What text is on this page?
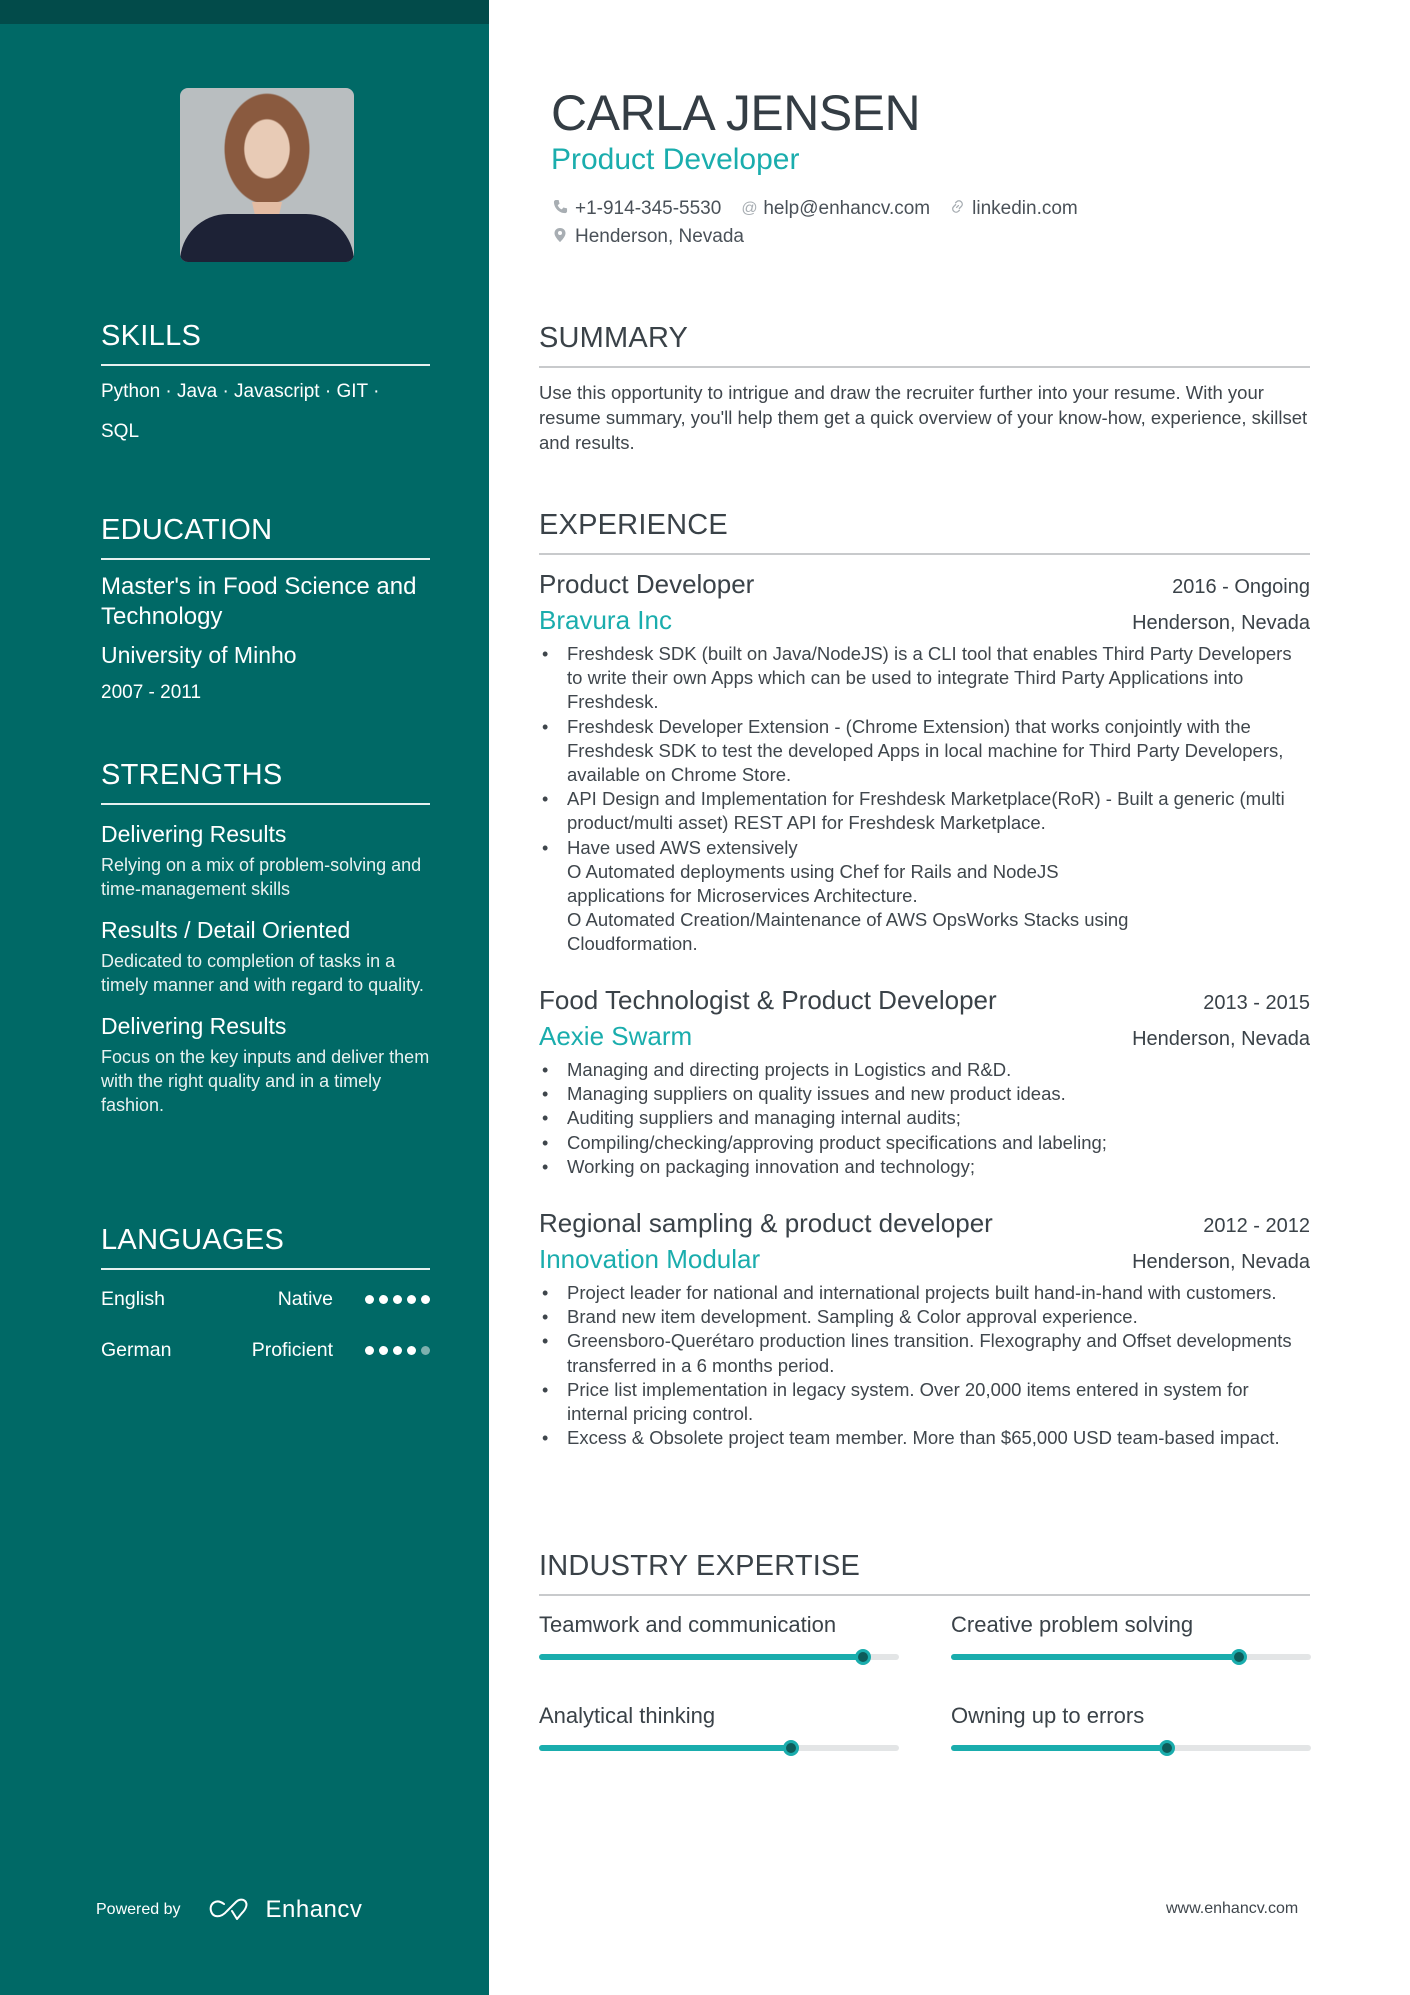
SKILLS
Python · Java · Javascript · GIT ·
SQL
EDUCATION
Master's in Food Science and Technology
University of Minho
2007 - 2011
STRENGTHS
Delivering Results
Relying on a mix of problem-solving and time-management skills
Results / Detail Oriented
Dedicated to completion of tasks in a timely manner and with regard to quality.
Delivering Results
Focus on the key inputs and deliver them with the right quality and in a timely fashion.
LANGUAGES
English	Native
German	Proficient
Powered by	Enhancv
CARLA JENSEN
Product Developer
+1-914-345-5530 @ help@enhancv.com linkedin.com
Henderson, Nevada
SUMMARY

Use this opportunity to intrigue and draw the recruiter further into your resume. With your resume summary, you'll help them get a quick overview of your know-how, experience, skillset and results.

EXPERIENCE
Product Developer	2016 - Ongoing
Bravura Inc	Henderson, Nevada
• Freshdesk SDK (built on Java/NodeJS) is a CLI tool that enables Third Party Developers to write their own Apps which can be used to integrate Third Party Applications into Freshdesk.
• Freshdesk Developer Extension - (Chrome Extension) that works conjointly with the Freshdesk SDK to test the developed Apps in local machine for Third Party Developers, available on Chrome Store.
• API Design and Implementation for Freshdesk Marketplace(RoR) - Built a generic (multi product/multi asset) REST API for Freshdesk Marketplace.
• Have used AWS extensively
O Automated deployments using Chef for Rails and NodeJS applications for Microservices Architecture.
O Automated Creation/Maintenance of AWS OpsWorks Stacks using Cloudformation.
Food Technologist & Product Developer	2013 - 2015
Aexie Swarm	Henderson, Nevada
• Managing and directing projects in Logistics and R&D.
• Managing suppliers on quality issues and new product ideas.
• Auditing suppliers and managing internal audits;
• Compiling/checking/approving product specifications and labeling;
• Working on packaging innovation and technology;
Regional sampling & product developer	2012 - 2012
Innovation Modular	Henderson, Nevada
• Project leader for national and international projects built hand-in-hand with customers.
• Brand new item development. Sampling & Color approval experience.
• Greensboro-Querétaro production lines transition. Flexography and Offset developments transferred in a 6 months period.
• Price list implementation in legacy system. Over 20,000 items entered in system for internal pricing control.
• Excess & Obsolete project team member. More than $65,000 USD team-based impact.
INDUSTRY EXPERTISE
Teamwork and communication	Creative problem solving
Analytical thinking	Owning up to errors
www.enhancv.com
